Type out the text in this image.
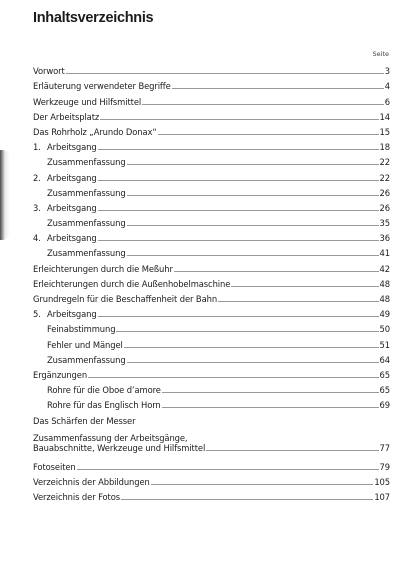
Inhaltsverzeichnis
Seite
Vorwort	3
Erläuterung verwendeter Begriffe	4
Werkzeuge und Hilfsmittel	6
Der Arbeitsplatz	14
Das Rohrholz „Arundo Donax“	15
1. Arbeitsgang	18
Zusammenfassung	22
2. Arbeitsgang	22
Zusammenfassung	26
3. Arbeitsgang	26
Zusammenfassung	35
4. Arbeitsgang	36
Zusammenfassung	41
Erleichterungen durch die Meßuhr	42
Erleichterungen durch die Außenhobelmaschine	48
Grundregeln für die Beschaffenheit der Bahn	48
5. Arbeitsgang	49
Feinabstimmung	50
Fehler und Mängel	51
Zusammenfassung	64
Ergänzungen	65
Rohre für die Oboe d’amore	65
Rohre für das Englisch Horn	69
Das Schärfen der Messer
Zusammenfassung der Arbeitsgänge,
Bauabschnitte, Werkzeuge und Hilfsmittel	77
Fotoseiten	79
Verzeichnis der Abbildungen	105
Verzeichnis der Fotos	107
